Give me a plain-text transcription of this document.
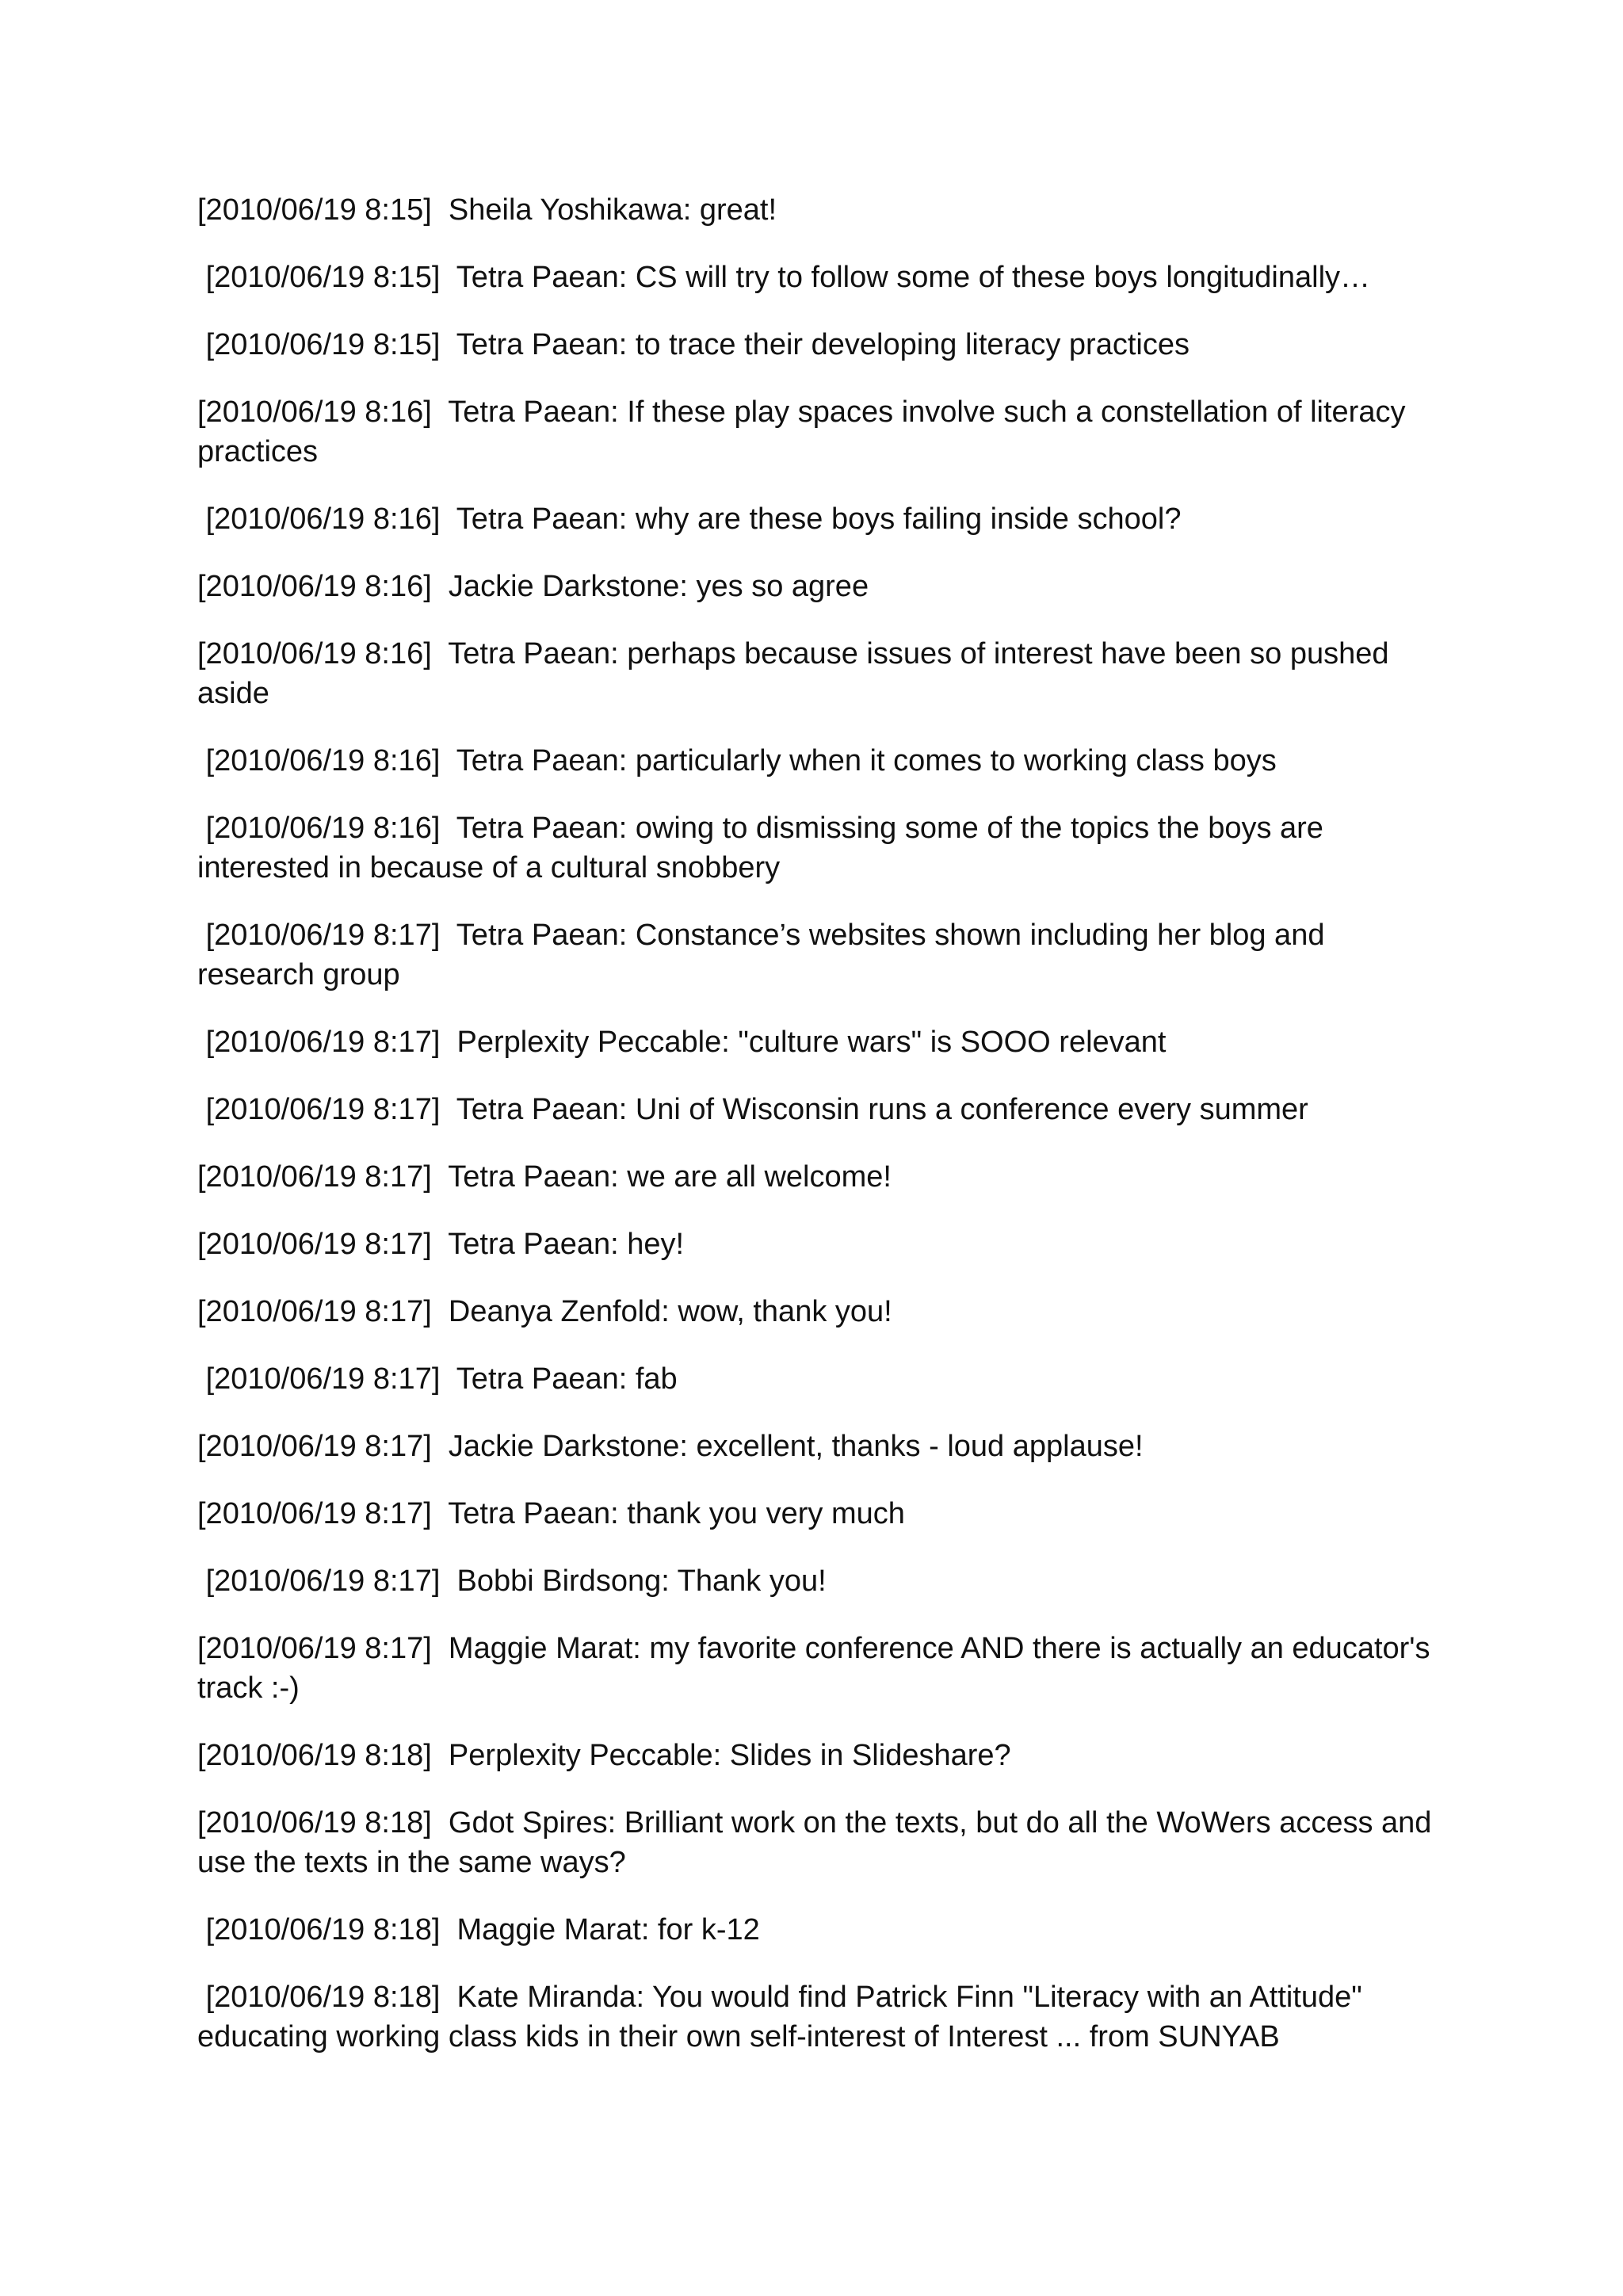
[2010/06/19 8:15]  Sheila Yoshikawa: great!

[2010/06/19 8:15]  Tetra Paean: CS will try to follow some of these boys longitudinally…

[2010/06/19 8:15]  Tetra Paean: to trace their developing literacy practices

[2010/06/19 8:16]  Tetra Paean: If these play spaces involve such a constellation of literacy practices

[2010/06/19 8:16]  Tetra Paean: why are these boys failing inside school?

[2010/06/19 8:16]  Jackie Darkstone: yes so agree

[2010/06/19 8:16]  Tetra Paean: perhaps because issues of interest have been so pushed aside

[2010/06/19 8:16]  Tetra Paean: particularly when it comes to working class boys

[2010/06/19 8:16]  Tetra Paean: owing to dismissing some of the topics the boys are interested in because of a cultural snobbery

[2010/06/19 8:17]  Tetra Paean: Constance’s websites shown including her blog and research group

[2010/06/19 8:17]  Perplexity Peccable: "culture wars" is SOOO relevant

[2010/06/19 8:17]  Tetra Paean: Uni of Wisconsin runs a conference every summer

[2010/06/19 8:17]  Tetra Paean: we are all welcome!

[2010/06/19 8:17]  Tetra Paean: hey!

[2010/06/19 8:17]  Deanya Zenfold: wow, thank you!

[2010/06/19 8:17]  Tetra Paean: fab

[2010/06/19 8:17]  Jackie Darkstone: excellent, thanks - loud applause!

[2010/06/19 8:17]  Tetra Paean: thank you very much

[2010/06/19 8:17]  Bobbi Birdsong: Thank you!

[2010/06/19 8:17]  Maggie Marat: my favorite conference AND there is actually an educator's track :-)

[2010/06/19 8:18]  Perplexity Peccable: Slides in Slideshare?

[2010/06/19 8:18]  Gdot Spires: Brilliant work on the texts, but do all the WoWers access and use the texts in the same ways?

[2010/06/19 8:18]  Maggie Marat: for k-12

[2010/06/19 8:18]  Kate Miranda: You would find Patrick Finn "Literacy with an Attitude" educating working class kids in their own self-interest of Interest ... from SUNYAB
